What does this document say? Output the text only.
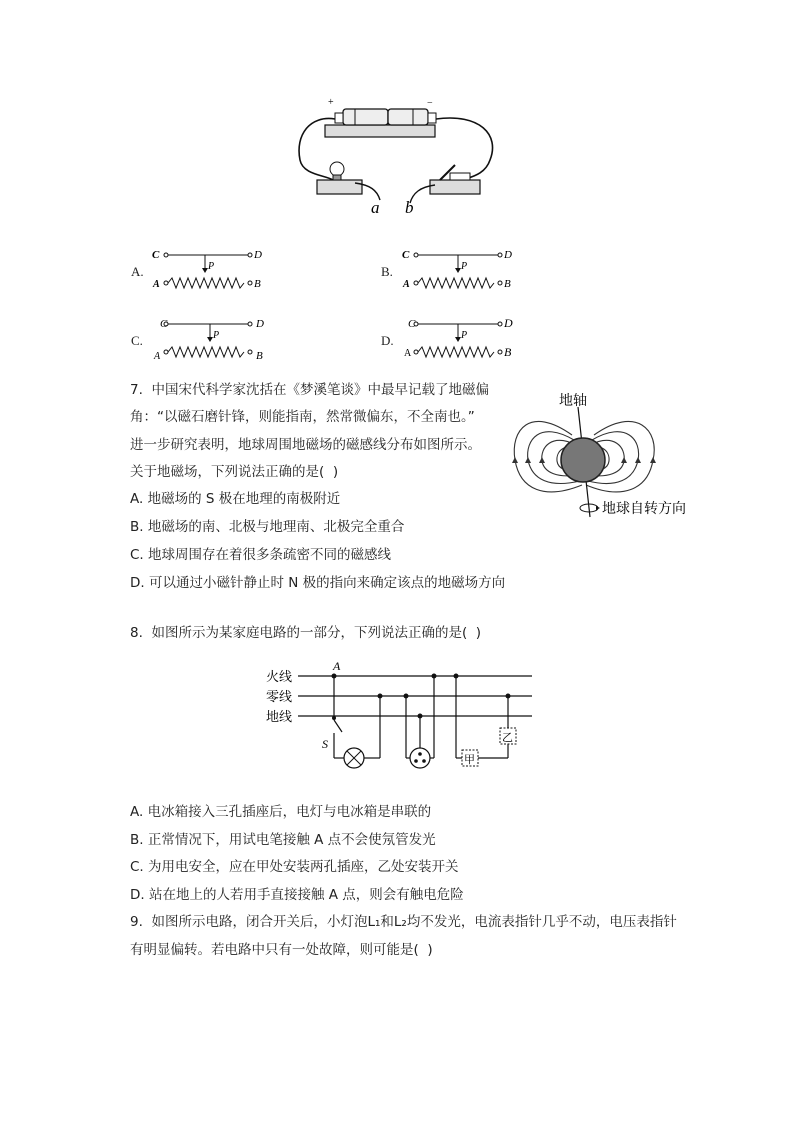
+	−
a b
A.
C	D
P
A	B
B.
C	D
P
A	B
C.
C	D
P
A	B
D.
C	D
P
A	B
7.  中国宋代科学家沈括在《梦溪笔谈》中最早记载了地磁偏
角：“以磁石磨针锋，则能指南，然常微偏东，不全南也。”
进一步研究表明，地球周围地磁场的磁感线分布如图所示。
关于地磁场，下列说法正确的是(  )
A. 地磁场的 S 极在地理的南极附近
B. 地磁场的南、北极与地理南、北极完全重合
C. 地球周围存在着很多条疏密不同的磁感线
D. 可以通过小磁针静止时 N 极的指向来确定该点的地磁场方向
地轴
地球自转方向
8.  如图所示为某家庭电路的一部分，下列说法正确的是(  )
火线
零线
地线
A
S
甲
乙
A. 电冰箱接入三孔插座后，电灯与电冰箱是串联的
B. 正常情况下，用试电笔接触 A 点不会使氖管发光
C. 为用电安全，应在甲处安装两孔插座，乙处安装开关
D. 站在地上的人若用手直接接触 A 点，则会有触电危险
9.  如图所示电路，闭合开关后，小灯泡L₁和L₂均不发光，电流表指针几乎不动，电压表指针
有明显偏转。若电路中只有一处故障，则可能是(  )
